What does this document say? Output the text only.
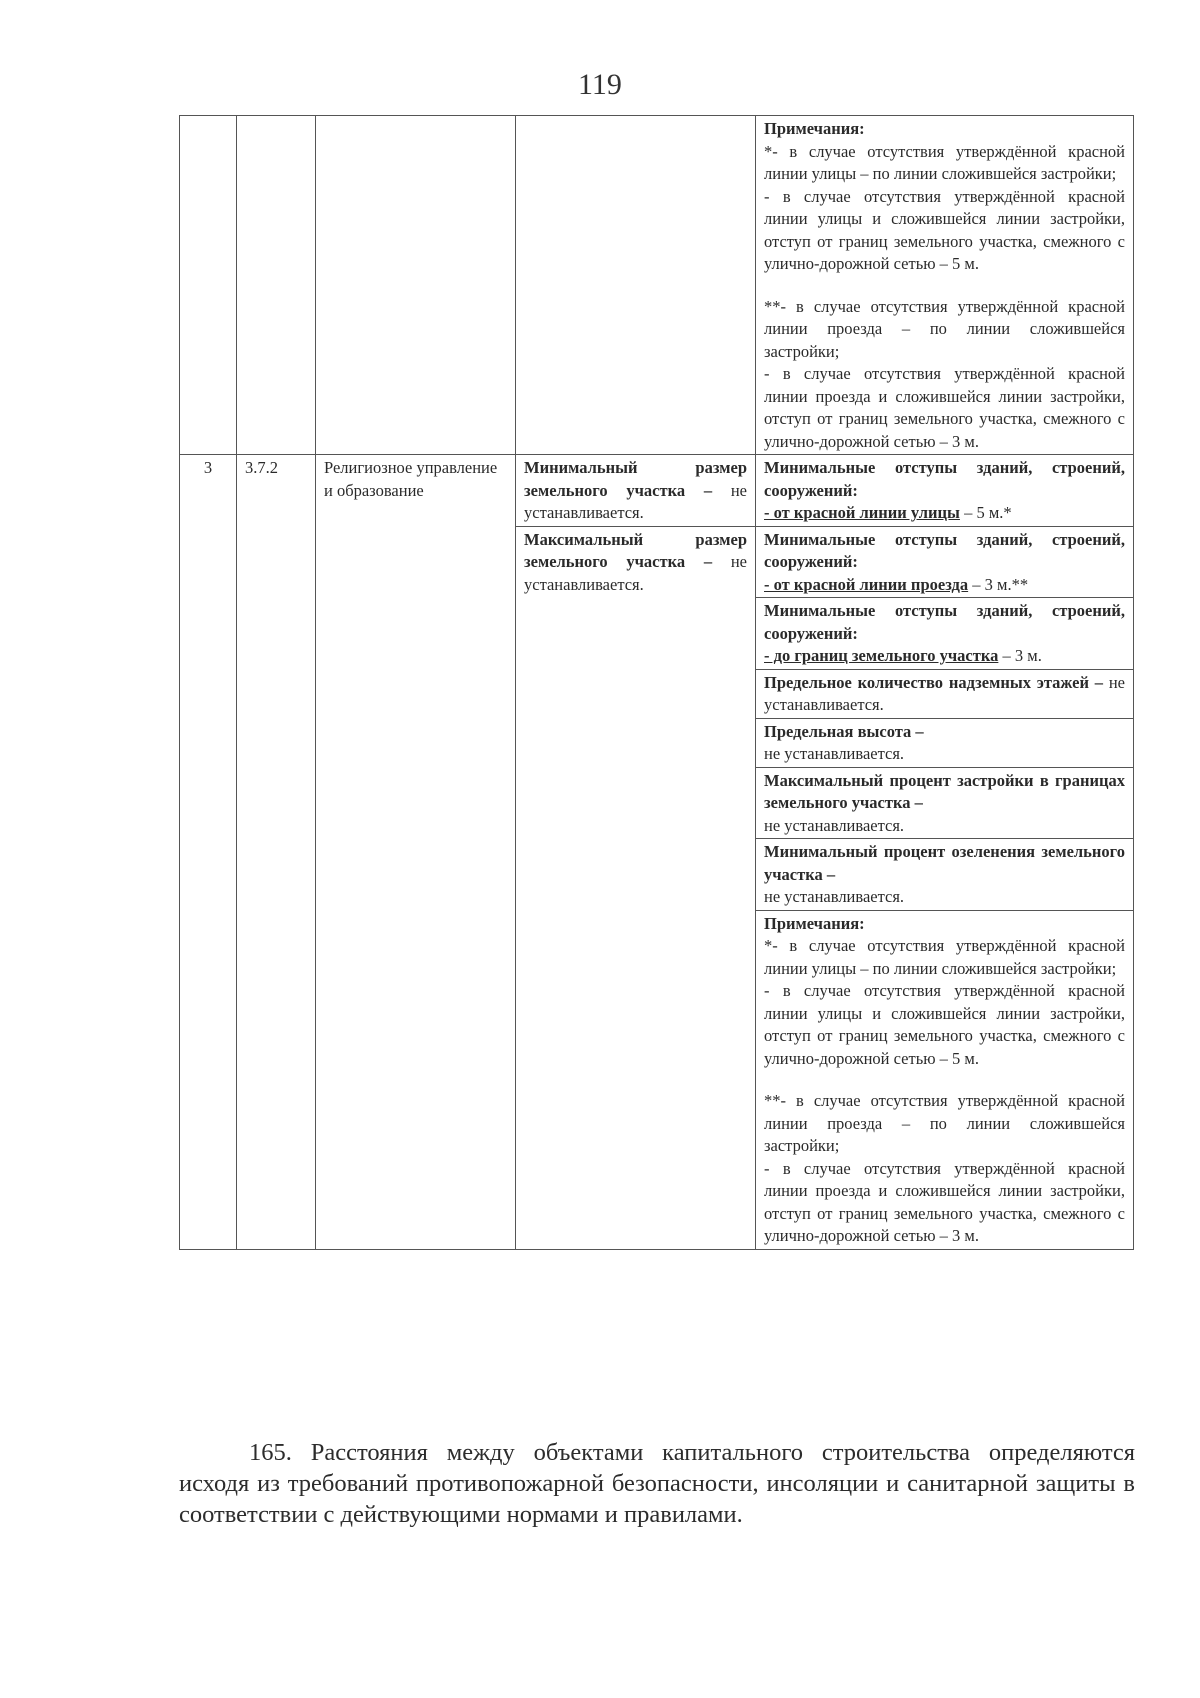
119

				Примечания:
*- в случае отсутствия утверждённой красной линии улицы – по линии сложившейся застройки;
- в случае отсутствия утверждённой красной линии улицы и сложившейся линии застройки, отступ от границ земельного участка, смежного с улично-дорожной сетью – 5 м.
**- в случае отсутствия утверждённой красной линии проезда – по линии сложившейся застройки;
- в случае отсутствия утверждённой красной линии проезда и сложившейся линии застройки, отступ от границ земельного участка, смежного с улично-дорожной сетью – 3 м.

3	3.7.2	Религиозное управление и образование	Минимальный размер земельного участка – не устанавливается.	Минимальные отступы зданий, строений, сооружений:
- от красной линии улицы – 5 м.*

			Максимальный размер земельного участка – не устанавливается.	Минимальные отступы зданий, строений, сооружений:
- от красной линии проезда – 3 м.**

				Минимальные отступы зданий, строений, сооружений:
- до границ земельного участка – 3 м.

				Предельное количество надземных этажей – не устанавливается.

				Предельная высота –
не устанавливается.

				Максимальный процент застройки в границах земельного участка –
не устанавливается.

				Минимальный процент озеленения земельного участка –
не устанавливается.

				Примечания:
*- в случае отсутствия утверждённой красной линии улицы – по линии сложившейся застройки;
- в случае отсутствия утверждённой красной линии улицы и сложившейся линии застройки, отступ от границ земельного участка, смежного с улично-дорожной сетью – 5 м.
**- в случае отсутствия утверждённой красной линии проезда – по линии сложившейся застройки;
- в случае отсутствия утверждённой красной линии проезда и сложившейся линии застройки, отступ от границ земельного участка, смежного с улично-дорожной сетью – 3 м.
165. Расстояния между объектами капитального строительства определяются исходя из требований противопожарной безопасности, инсоляции и санитарной защиты в соответствии с действующими нормами и правилами.
